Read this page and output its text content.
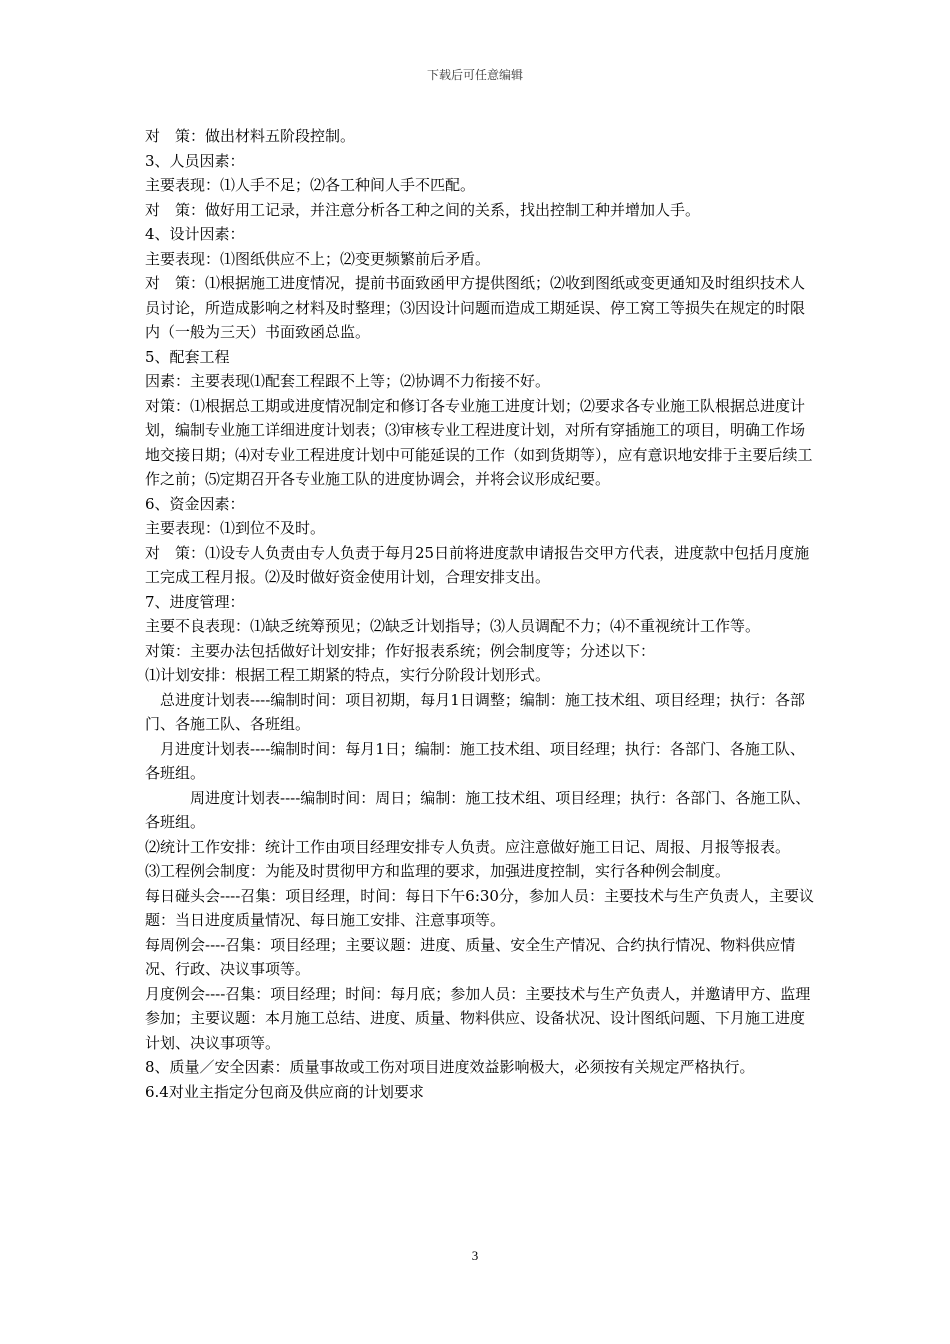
下载后可任意编辑

对　策：做出材料五阶段控制。

3、人员因素：

主要表现：⑴人手不足；⑵各工种间人手不匹配。

对　策：做好用工记录，并注意分析各工种之间的关系，找出控制工种并增加人手。

4、设计因素：

主要表现：⑴图纸供应不上；⑵变更频繁前后矛盾。

对　策：⑴根据施工进度情况，提前书面致函甲方提供图纸；⑵收到图纸或变更通知及时组织技术人员讨论，所造成影响之材料及时整理；⑶因设计问题而造成工期延误、停工窝工等损失在规定的时限内（一般为三天）书面致函总监。

5、配套工程

因素：主要表现⑴配套工程跟不上等；⑵协调不力衔接不好。

对策：⑴根据总工期或进度情况制定和修订各专业施工进度计划；⑵要求各专业施工队根据总进度计划，编制专业施工详细进度计划表；⑶审核专业工程进度计划，对所有穿插施工的项目，明确工作场地交接日期；⑷对专业工程进度计划中可能延误的工作（如到货期等），应有意识地安排于主要后续工作之前；⑸定期召开各专业施工队的进度协调会，并将会议形成纪要。

6、资金因素：

主要表现：⑴到位不及时。

对　策：⑴设专人负责由专人负责于每月25日前将进度款申请报告交甲方代表，进度款中包括月度施工完成工程月报。⑵及时做好资金使用计划，合理安排支出。

7、进度管理：

主要不良表现：⑴缺乏统筹预见；⑵缺乏计划指导；⑶人员调配不力；⑷不重视统计工作等。

对策：主要办法包括做好计划安排；作好报表系统；例会制度等；分述以下：

⑴计划安排：根据工程工期紧的特点，实行分阶段计划形式。

　总进度计划表----编制时间：项目初期，每月1日调整；编制：施工技术组、项目经理；执行：各部门、各施工队、各班组。

　月进度计划表----编制时间：每月1日；编制：施工技术组、项目经理；执行：各部门、各施工队、各班组。

　　　周进度计划表----编制时间：周日；编制：施工技术组、项目经理；执行：各部门、各施工队、各班组。

⑵统计工作安排：统计工作由项目经理安排专人负责。应注意做好施工日记、周报、月报等报表。

⑶工程例会制度：为能及时贯彻甲方和监理的要求，加强进度控制，实行各种例会制度。

每日碰头会----召集：项目经理，时间：每日下午6:30分，参加人员：主要技术与生产负责人，主要议题：当日进度质量情况、每日施工安排、注意事项等。

每周例会----召集：项目经理；主要议题：进度、质量、安全生产情况、合约执行情况、物料供应情况、行政、决议事项等。

月度例会----召集：项目经理；时间：每月底；参加人员：主要技术与生产负责人，并邀请甲方、监理参加；主要议题：本月施工总结、进度、质量、物料供应、设备状况、设计图纸问题、下月施工进度计划、决议事项等。

8、质量／安全因素：质量事故或工伤对项目进度效益影响极大，必须按有关规定严格执行。

6.4对业主指定分包商及供应商的计划要求

3
